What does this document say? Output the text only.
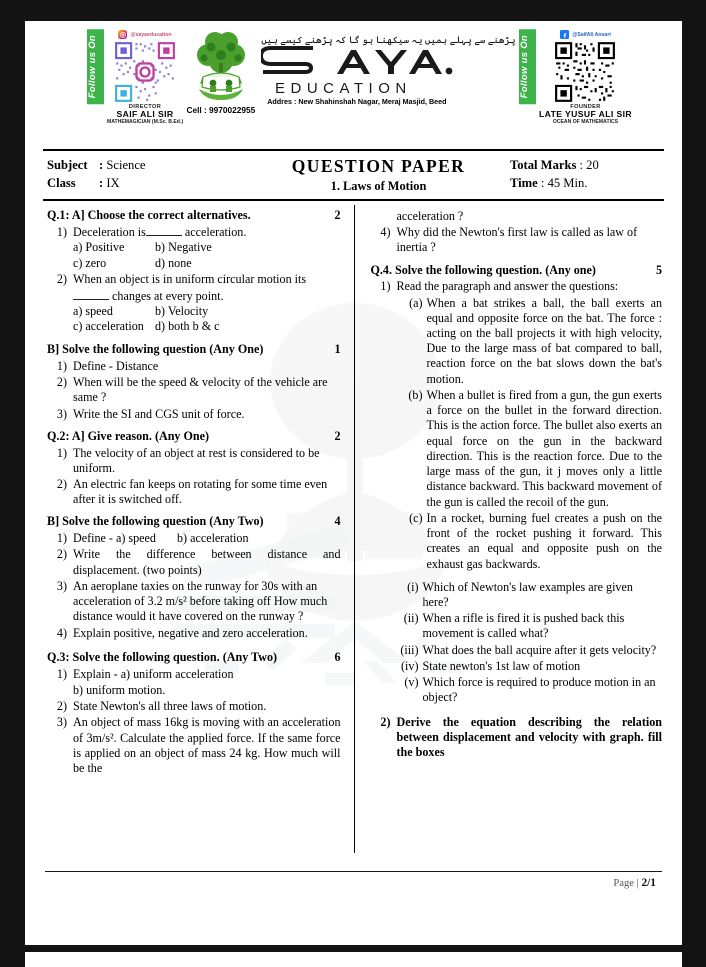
Follow us On
@sayaeducation
DIRECTOR
SAIF ALI SIR
MATHEMAGICIAN (M.Sc. B.Ed.)
Cell : 9970022955
پڑھنے سے پہلے ہمیں یہ سیکھنا ہو گا کہ پڑھنے کیسے ہیں
EDUCATION
Addres : New Shahinshah Nagar, Meraj Masjid, Beed
Follow us On
@SaifAli Ansari
FOUNDER
LATE YUSUF ALI SIR
OCEAN OF MATHEMATICS
Subject : Science
Class : IX
QUESTION PAPER
1. Laws of Motion
Total Marks : 20
Time : 45 Min.
Q.1: A] Choose the correct alternatives.	2
1) Deceleration is	acceleration.
a) Positive	b) Negative
c) zero	d) none
2) When an object is in uniform circular motion its
changes at every point.
a) speed	b) Velocity
c) acceleration d) both b & c
B] Solve the following question (Any One)	1
1) Define - Distance
2) When will be the speed & velocity of the vehicle are same ?
3) Write the SI and CGS unit of force.
Q.2: A] Give reason. (Any One)	2
1) The velocity of an object at rest is considered to be uniform.
2) An electric fan keeps on rotating for some time even after it is switched off.
B] Solve the following question (Any Two)	4
1) Define - a) speed	b) acceleration
2) Write the difference between distance and displacement. (two points)
3) An aeroplane taxies on the runway for 30s with an acceleration of 3.2 m/s² before taking off How much distance would it have covered on the runway ?
4) Explain positive, negative and zero acceleration.
Q.3: Solve the following question. (Any Two)	6
1) Explain - a) uniform acceleration
b) uniform motion.
2) State Newton's all three laws of motion.
3) An object of mass 16kg is moving with an acceleration of 3m/s². Calculate the applied force. If the same force is applied on an object of mass 24 kg. How much will be the
acceleration ?
4) Why did the Newton's first law is called as law of inertia ?
Q.4. Solve the following question. (Any one)	5
1) Read the paragraph and answer the questions:
(a) When a bat strikes a ball, the ball exerts an equal and opposite force on the bat. The force : acting on the ball projects it with high velocity, Due to the large mass of bat compared to ball, reaction force on the bat slows down the bat's motion.
(b) When a bullet is fired from a gun, the gun exerts a force on the bullet in the forward direction. This is the action force. The bullet also exerts an equal force on the gun in the backward direction. This is the reaction force. Due to the large mass of the gun, it j moves only a little distance backward. This backward movement of the gun is called the recoil of the gun.
(c) In a rocket, burning fuel creates a push on the front of the rocket pushing it forward. This creates an equal and opposite push on the exhaust gas backwards.
(i) Which of Newton's law examples are given here?
(ii) When a rifle is fired it is pushed back this movement is called what?
(iii) What does the ball acquire after it gets velocity?
(iv) State newton's 1st law of motion
(v) Which force is required to produce motion in an object?
2) Derive the equation describing the relation between displacement and velocity with graph. fill the boxes
Page | 2/1
